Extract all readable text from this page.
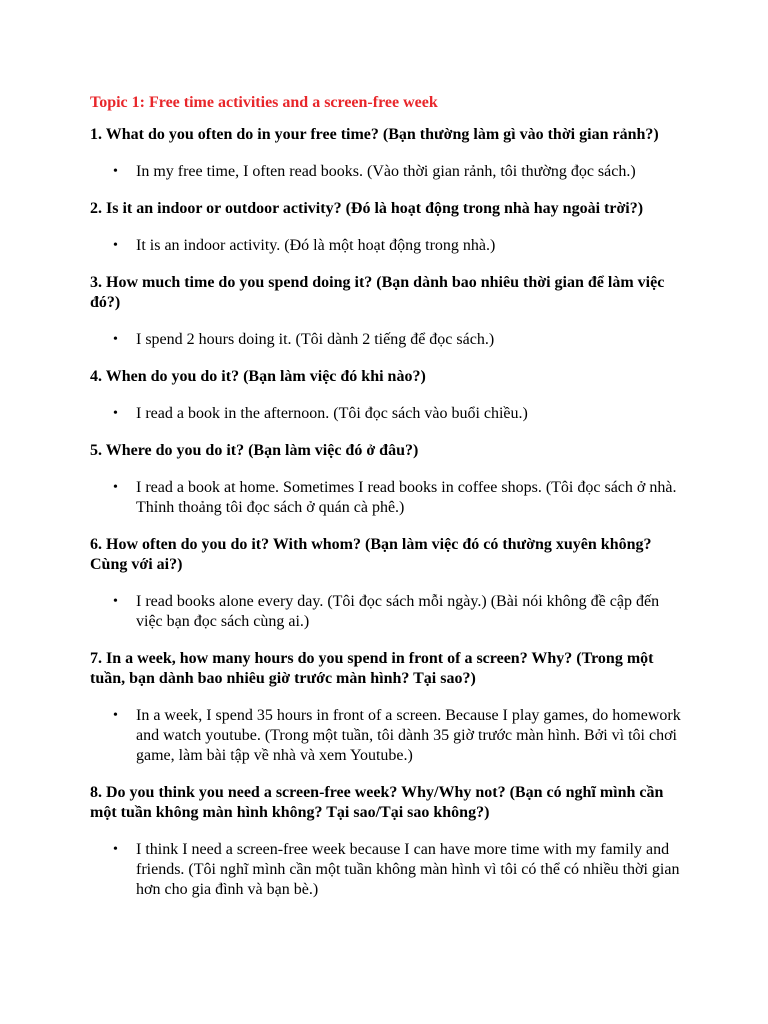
Topic 1: Free time activities and a screen-free week

1. What do you often do in your free time? (Bạn thường làm gì vào thời gian rảnh?)

• In my free time, I often read books. (Vào thời gian rảnh, tôi thường đọc sách.)

2. Is it an indoor or outdoor activity? (Đó là hoạt động trong nhà hay ngoài trời?)

• It is an indoor activity. (Đó là một hoạt động trong nhà.)

3. How much time do you spend doing it? (Bạn dành bao nhiêu thời gian để làm việc đó?)

• I spend 2 hours doing it. (Tôi dành 2 tiếng để đọc sách.)

4. When do you do it? (Bạn làm việc đó khi nào?)

• I read a book in the afternoon. (Tôi đọc sách vào buổi chiều.)

5. Where do you do it? (Bạn làm việc đó ở đâu?)

• I read a book at home. Sometimes I read books in coffee shops. (Tôi đọc sách ở nhà. Thỉnh thoảng tôi đọc sách ở quán cà phê.)

6. How often do you do it? With whom? (Bạn làm việc đó có thường xuyên không? Cùng với ai?)

• I read books alone every day. (Tôi đọc sách mỗi ngày.) (Bài nói không đề cập đến việc bạn đọc sách cùng ai.)

7. In a week, how many hours do you spend in front of a screen? Why? (Trong một tuần, bạn dành bao nhiêu giờ trước màn hình? Tại sao?)

• In a week, I spend 35 hours in front of a screen. Because I play games, do homework and watch youtube. (Trong một tuần, tôi dành 35 giờ trước màn hình. Bởi vì tôi chơi game, làm bài tập về nhà và xem Youtube.)

8. Do you think you need a screen-free week? Why/Why not? (Bạn có nghĩ mình cần một tuần không màn hình không? Tại sao/Tại sao không?)

• I think I need a screen-free week because I can have more time with my family and friends. (Tôi nghĩ mình cần một tuần không màn hình vì tôi có thể có nhiều thời gian hơn cho gia đình và bạn bè.)
